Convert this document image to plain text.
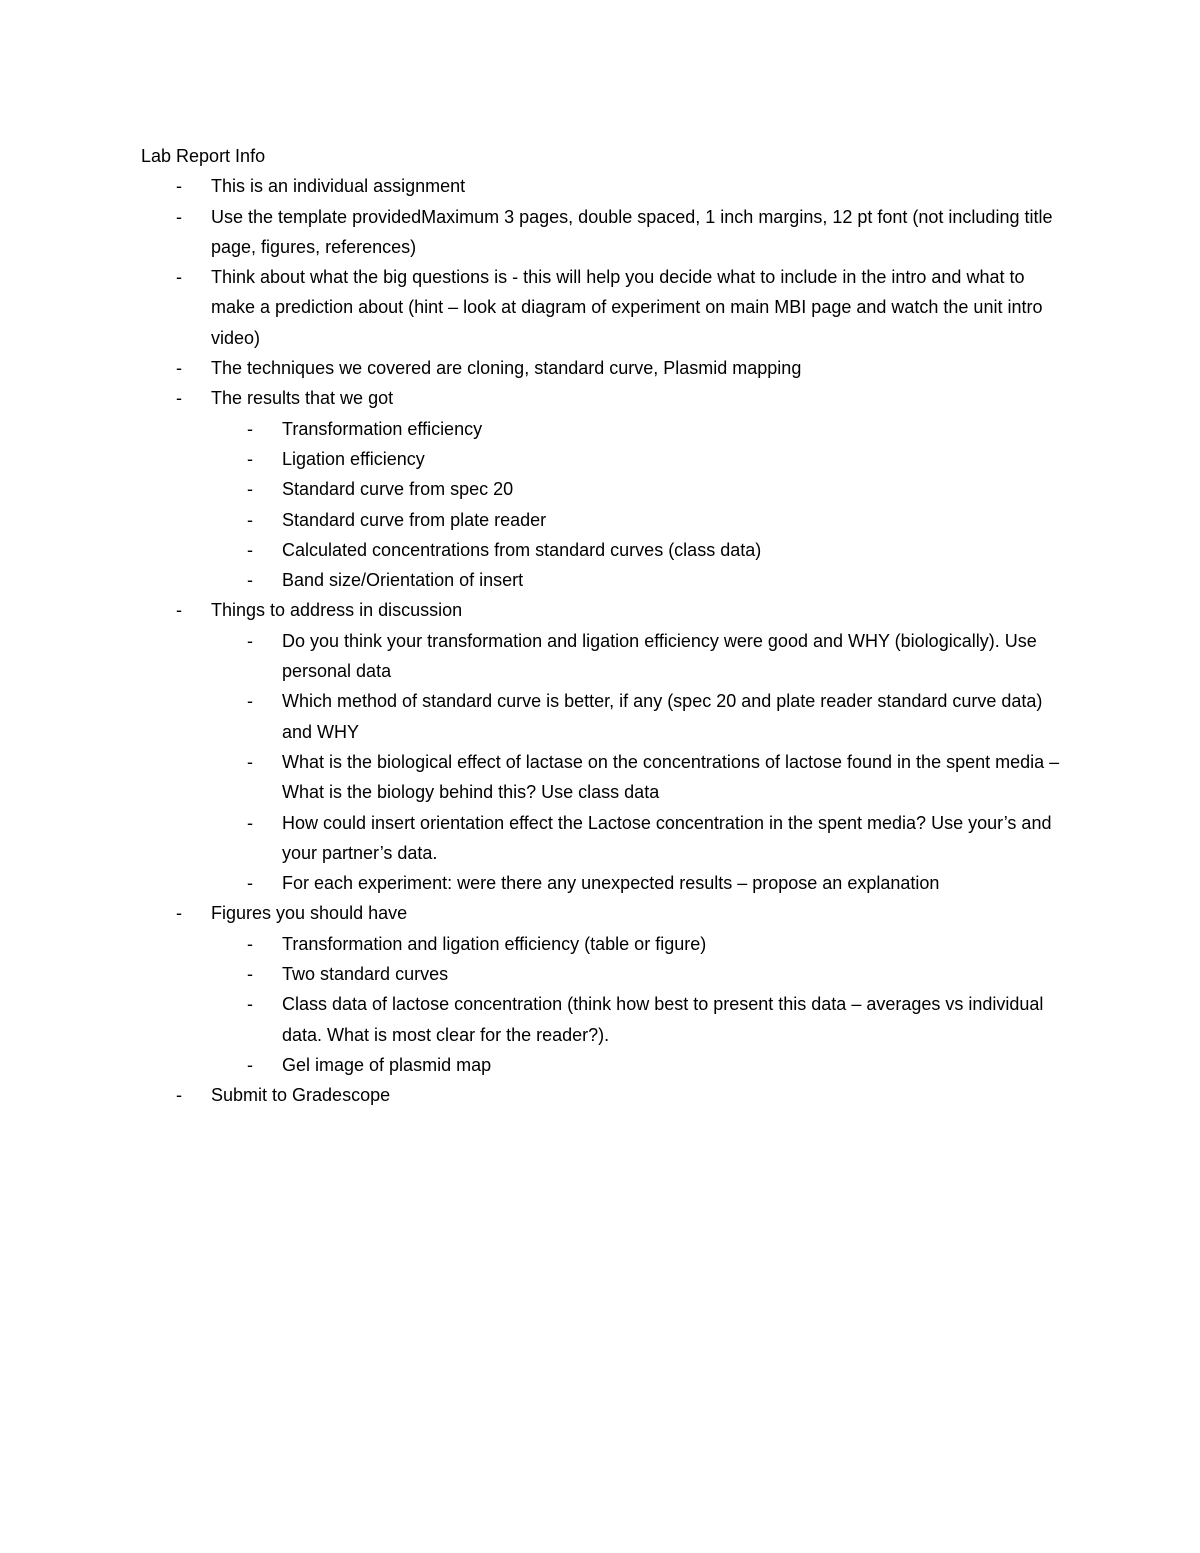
Lab Report Info
- This is an individual assignment
- Use the template providedMaximum 3 pages, double spaced, 1 inch margins, 12 pt font (not including title page, figures, references)
- Think about what the big questions is - this will help you decide what to include in the intro and what to make a prediction about (hint – look at diagram of experiment on main MBI page and watch the unit intro video)
- The techniques we covered are cloning, standard curve, Plasmid mapping
- The results that we got
- Transformation efficiency
- Ligation efficiency
- Standard curve from spec 20
- Standard curve from plate reader
- Calculated concentrations from standard curves (class data)
- Band size/Orientation of insert
- Things to address in discussion
- Do you think your transformation and ligation efficiency were good and WHY (biologically). Use personal data
- Which method of standard curve is better, if any (spec 20 and plate reader standard curve data) and WHY
- What is the biological effect of lactase on the concentrations of lactose found in the spent media – What is the biology behind this? Use class data
- How could insert orientation effect the Lactose concentration in the spent media? Use your’s and your partner’s data.
- For each experiment: were there any unexpected results – propose an explanation
- Figures you should have
- Transformation and ligation efficiency (table or figure)
- Two standard curves
- Class data of lactose concentration (think how best to present this data – averages vs individual data. What is most clear for the reader?).
- Gel image of plasmid map
- Submit to Gradescope
